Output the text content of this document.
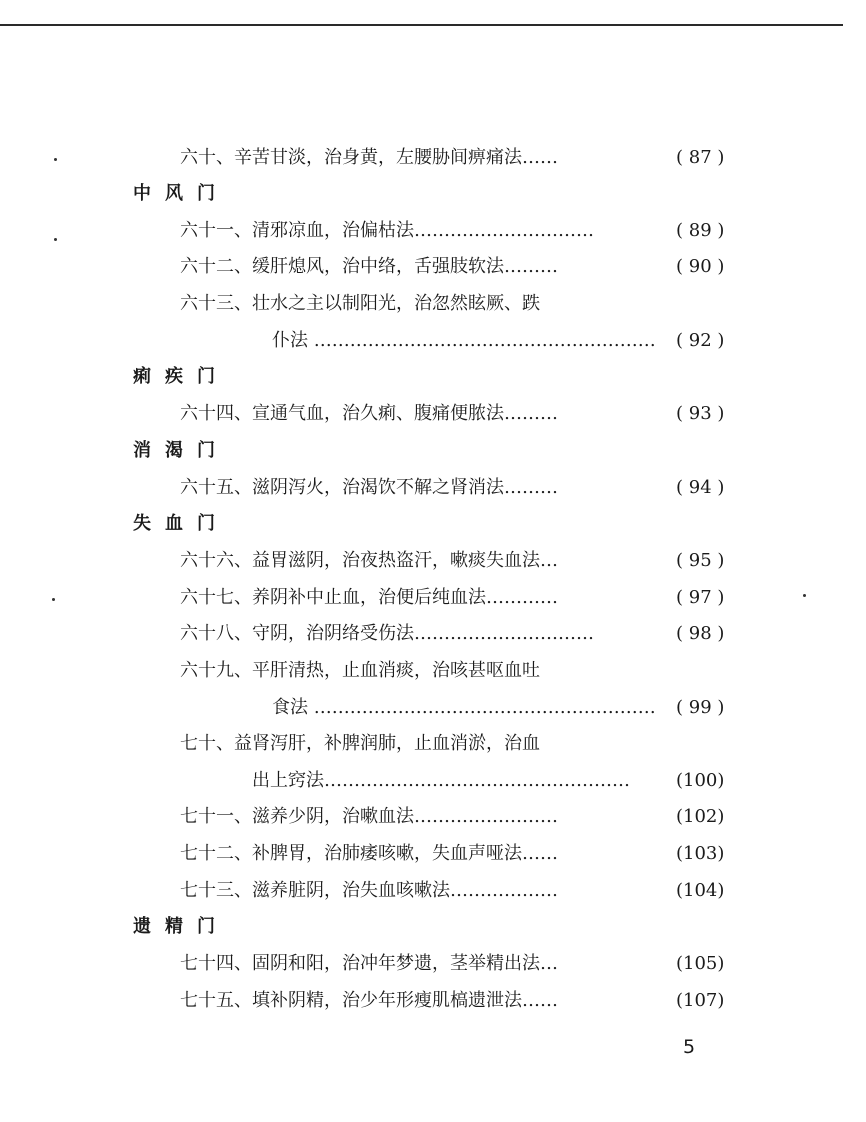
六十、辛苦甘淡，治身黄，左腰胁间痹痛法……	( 87 )
中风门
六十一、清邪凉血，治偏枯法…………………………	( 89 )
六十二、缓肝熄风，治中络，舌强肢软法………	( 90 )
六十三、壮水之主以制阳光，治忽然眩厥、跌
仆法 ………………………………………………… ( 92 )
痢疾门
六十四、宣通气血，治久痢、腹痛便脓法………	( 93 )
消渴门
六十五、滋阴泻火，治渴饮不解之肾消法………	( 94 )
失血门
六十六、益胃滋阴，治夜热盗汗，嗽痰失血法…	( 95 )
六十七、养阴补中止血，治便后纯血法…………	( 97 )
六十八、守阴，治阴络受伤法…………………………	( 98 )
六十九、平肝清热，止血消痰，治咳甚呕血吐
食法 ………………………………………………… ( 99 )
七十、益肾泻肝，补脾润肺，止血消淤，治血
出上窍法……………………………………………	(100)
七十一、滋养少阴，治嗽血法……………………	(102)
七十二、补脾胃，治肺痿咳嗽，失血声哑法……	(103)
七十三、滋养脏阴，治失血咳嗽法………………	(104)
遗精门
七十四、固阴和阳，治冲年梦遗，茎举精出法…	(105)
七十五、填补阴精，治少年形瘦肌槁遗泄法……	(107)
5
